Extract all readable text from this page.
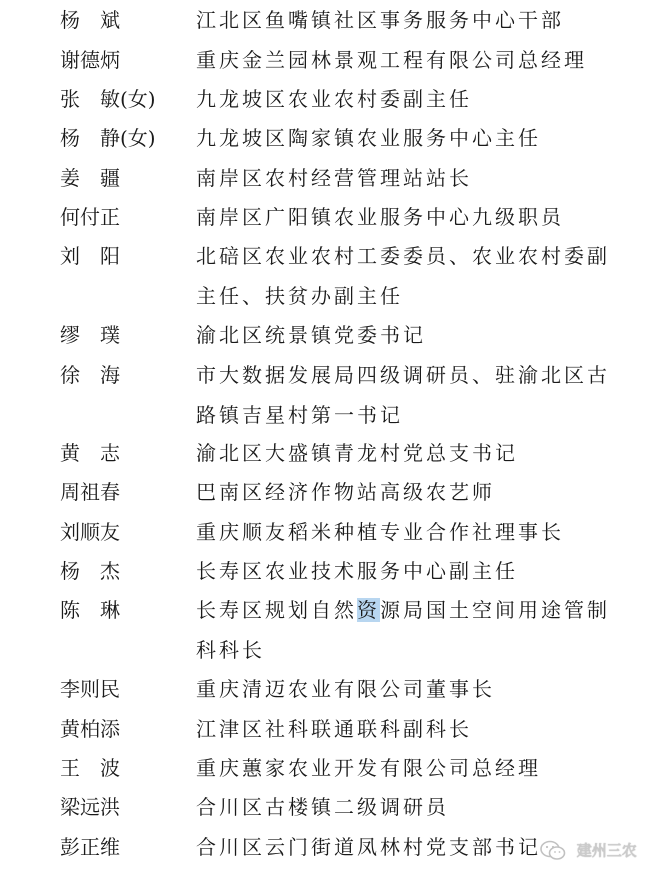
杨　斌	江北区鱼嘴镇社区事务服务中心干部
谢德炳	重庆金兰园林景观工程有限公司总经理
张　敏(女)	九龙坡区农业农村委副主任
杨　静(女)	九龙坡区陶家镇农业服务中心主任
姜　疆	南岸区农村经营管理站站长
何付正	南岸区广阳镇农业服务中心九级职员
刘　阳	北碚区农业农村工委委员、农业农村委副
主任、扶贫办副主任
缪　璞	渝北区统景镇党委书记
徐　海	市大数据发展局四级调研员、驻渝北区古
路镇吉星村第一书记
黄　志	渝北区大盛镇青龙村党总支书记
周祖春	巴南区经济作物站高级农艺师
刘顺友	重庆顺友稻米种植专业合作社理事长
杨　杰	长寿区农业技术服务中心副主任
陈　琳	长寿区规划自然资源局国土空间用途管制
科科长
李则民	重庆清迈农业有限公司董事长
黄柏添	江津区社科联通联科副科长
王　波	重庆蕙家农业开发有限公司总经理
梁远洪	合川区古楼镇二级调研员
彭正维	合川区云门街道凤林村党支部书记	建州三农
